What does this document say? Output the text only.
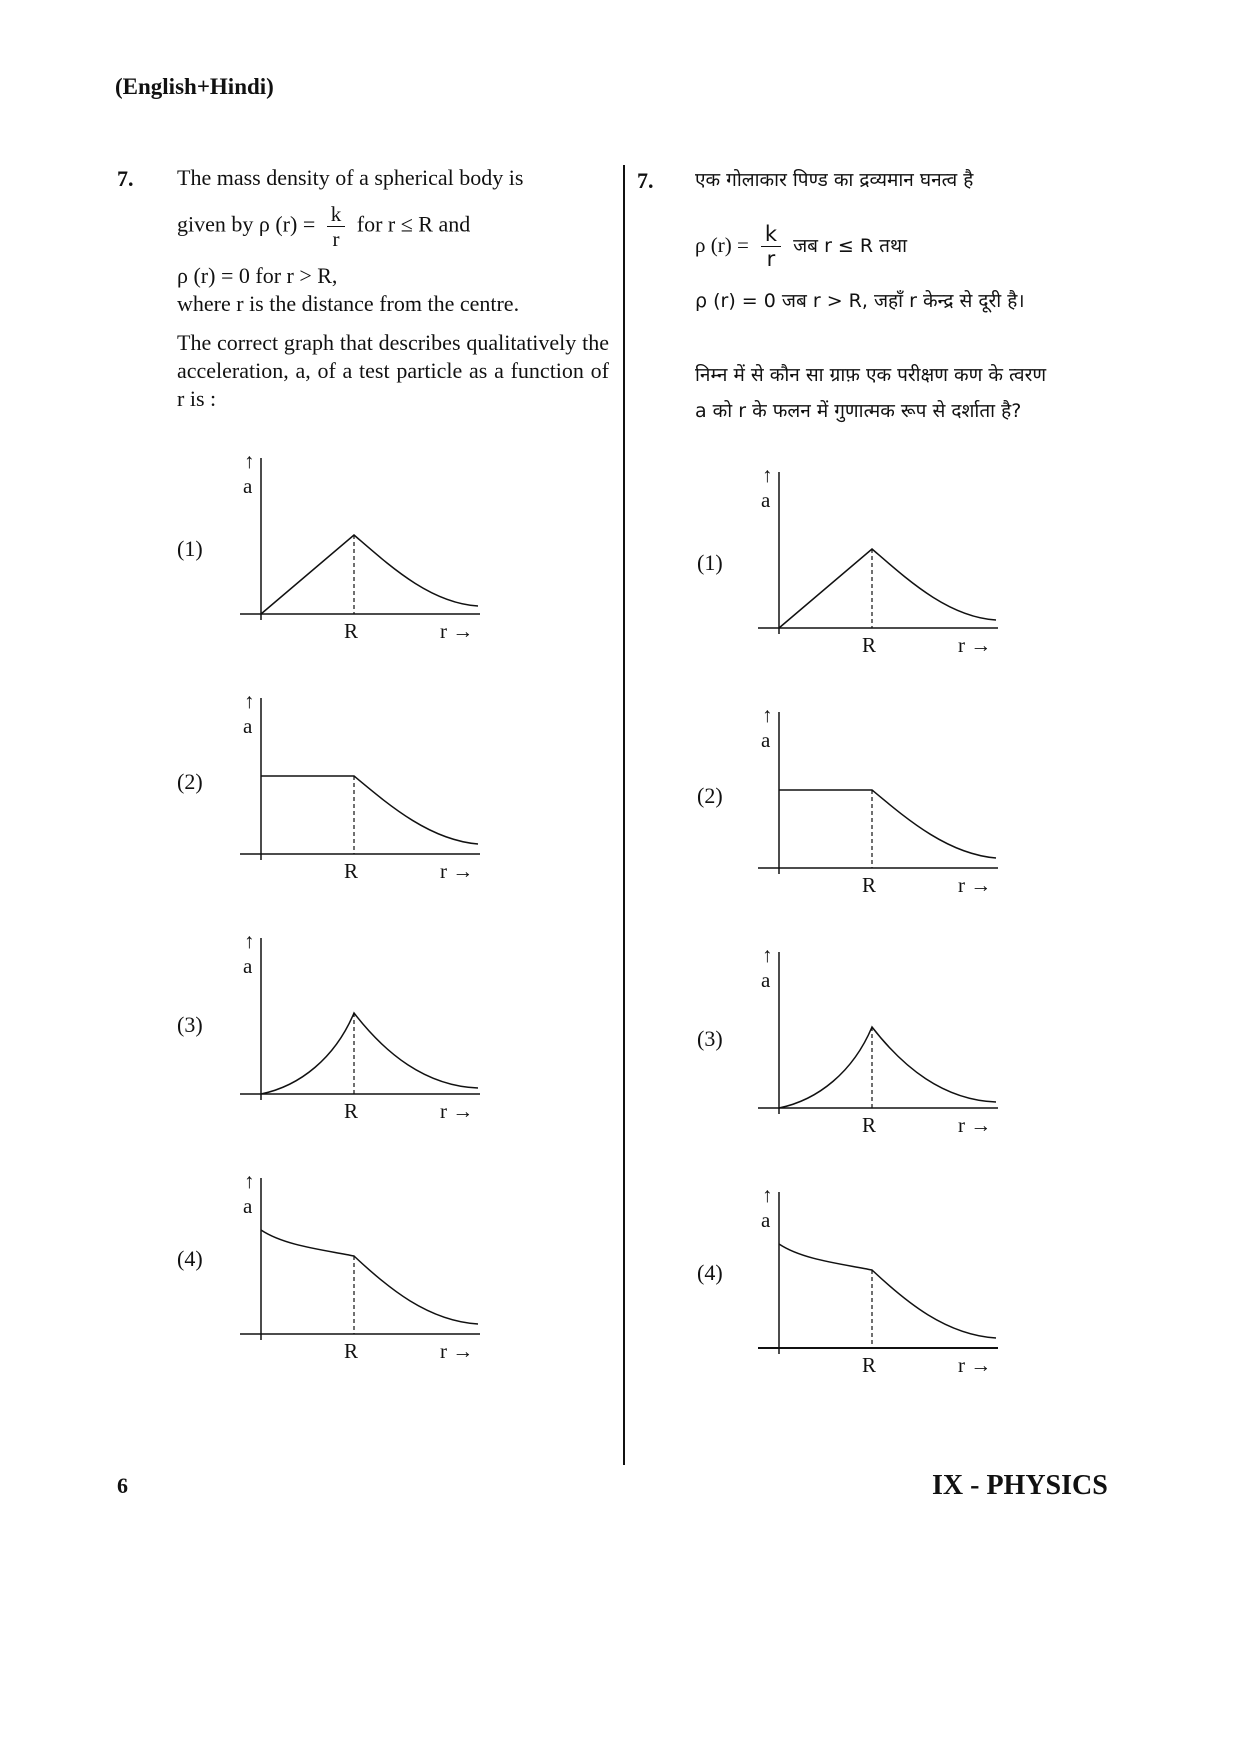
(English+Hindi)
7. The mass density of a spherical body is
given by ρ $(r) = \frac{k}{r}$ for r ≤ R and
ρ (r) = 0 for r > R,
where r is the distance from the centre.
The correct graph that describes qualitatively the acceleration, a, of a test particle as a function of r is :
7. एक गोलाकार पिण्ड का द्रव्यमान घनत्व है
ρ $(r) = \frac{k}{r}$ जब r ≤ R तथा
ρ (r) = 0 जब r > R, जहाँ r केन्द्र से दूरी है।
निम्न में से कौन सा ग्राफ़ एक परीक्षण कण के त्वरण
a को r के फलन में गुणात्मक रूप से दर्शाता है?
(1)
↑
a
R	r →
(2)
↑
a
R	r →
(3)
↑
a
R	r →
(4)
↑
a
R	r →
(1)
↑
a
R	r →
(2)
↑
a
R	r →
(3)
↑
a
R	r →
(4)
↑
a
R	r →
6	IX - PHYSICS
